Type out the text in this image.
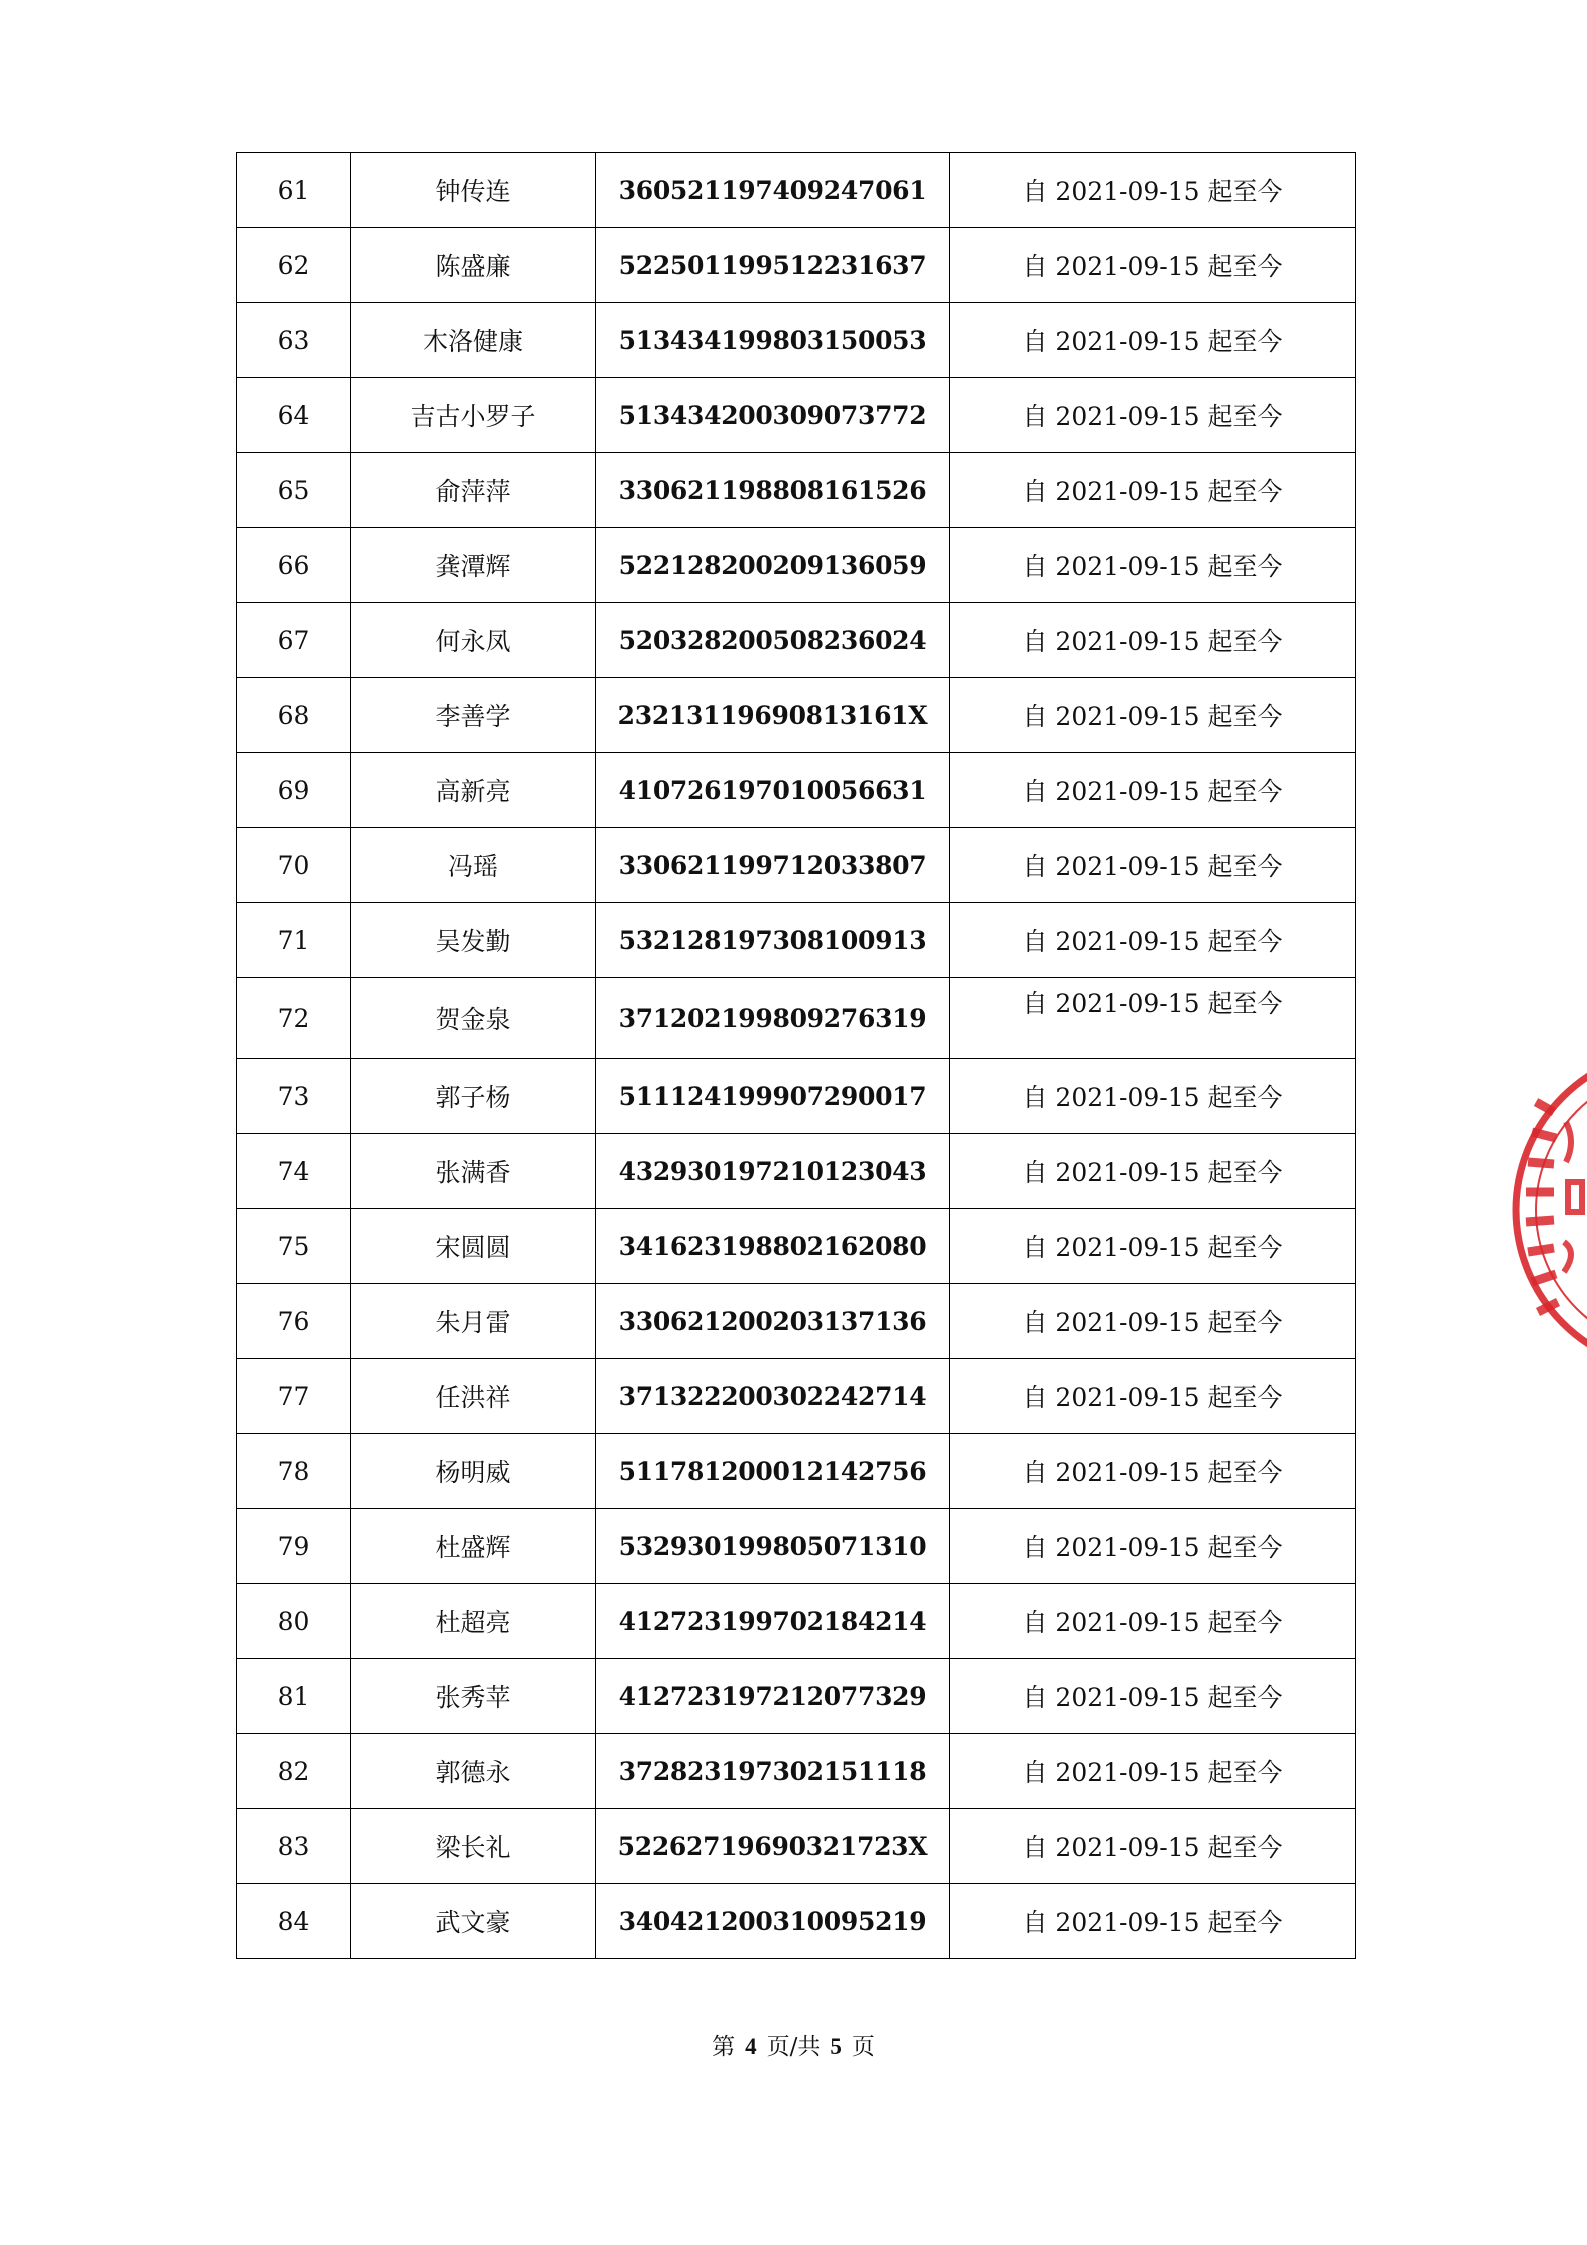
61	钟传连	360521197409247061	自 2021-09-15 起至今
62	陈盛廉	522501199512231637	自 2021-09-15 起至今
63	木洛健康	513434199803150053	自 2021-09-15 起至今
64	吉古小罗子	513434200309073772	自 2021-09-15 起至今
65	俞萍萍	330621198808161526	自 2021-09-15 起至今
66	龚潭辉	522128200209136059	自 2021-09-15 起至今
67	何永凤	520328200508236024	自 2021-09-15 起至今
68	李善学	23213119690813161X	自 2021-09-15 起至今
69	高新亮	410726197010056631	自 2021-09-15 起至今
70	冯瑶	330621199712033807	自 2021-09-15 起至今
71	吴发勤	532128197308100913	自 2021-09-15 起至今
72	贺金泉	371202199809276319	自 2021-09-15 起至今
73	郭子杨	511124199907290017	自 2021-09-15 起至今
74	张满香	432930197210123043	自 2021-09-15 起至今
75	宋圆圆	341623198802162080	自 2021-09-15 起至今
76	朱月雷	330621200203137136	自 2021-09-15 起至今
77	任洪祥	371322200302242714	自 2021-09-15 起至今
78	杨明威	511781200012142756	自 2021-09-15 起至今
79	杜盛辉	532930199805071310	自 2021-09-15 起至今
80	杜超亮	412723199702184214	自 2021-09-15 起至今
81	张秀苹	412723197212077329	自 2021-09-15 起至今
82	郭德永	372823197302151118	自 2021-09-15 起至今
83	梁长礼	52262719690321723X	自 2021-09-15 起至今
84	武文豪	340421200310095219	自 2021-09-15 起至今
第 4 页/共 5 页
